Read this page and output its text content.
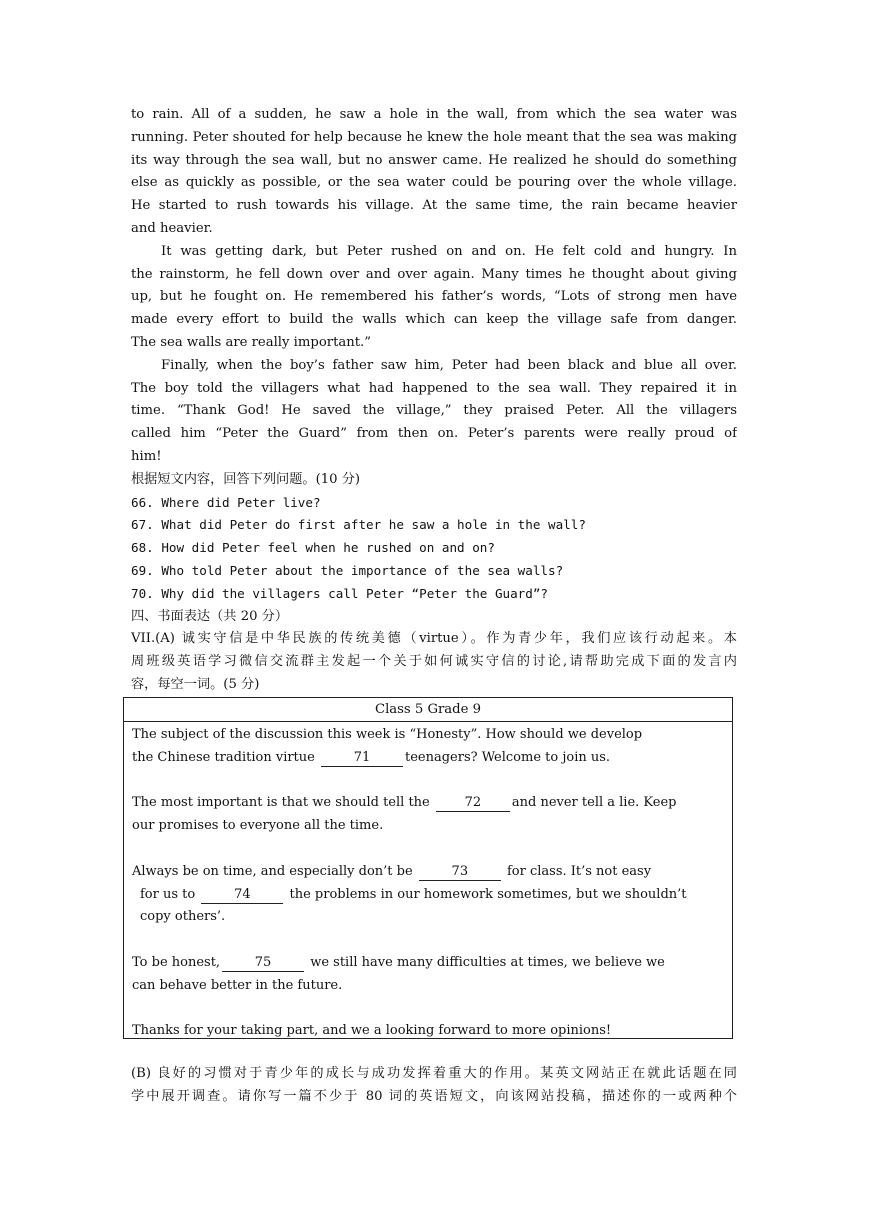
to rain. All of a sudden, he saw a hole in the wall, from which the sea water was
running. Peter shouted for help because he knew the hole meant that the sea was making
its way through the sea wall, but no answer came. He realized he should do something
else as quickly as possible, or the sea water could be pouring over the whole village.
He started to rush towards his village. At the same time, the rain became heavier
and heavier.
It was getting dark, but Peter rushed on and on. He felt cold and hungry. In
the rainstorm, he fell down over and over again. Many times he thought about giving
up, but he fought on. He remembered his father’s words, “Lots of strong men have
made every effort to build the walls which can keep the village safe from danger.
The sea walls are really important.”
Finally, when the boy’s father saw him, Peter had been black and blue all over.
The boy told the villagers what had happened to the sea wall. They repaired it in
time. “Thank God! He saved the village,” they praised Peter. All the villagers
called him “Peter the Guard” from then on. Peter’s parents were really proud of
him!
根据短文内容，回答下列问题。(10 分)
66. Where did Peter live?
67. What did Peter do first after he saw a hole in the wall?
68. How did Peter feel when he rushed on and on?
69. Who told Peter about the importance of the sea walls?
70. Why did the villagers call Peter “Peter the Guard”?
四、书面表达（共 20 分）
VII.(A) 诚实守信是中华民族的传统美德（virtue）。作为青少年，我们应该行动起来。本
周班级英语学习微信交流群主发起一个关于如何诚实守信的讨论,请帮助完成下面的发言内
容，每空一词。(5 分)
Class 5 Grade 9
The subject of the discussion this week is “Honesty”. How should we develop
the Chinese tradition virtue	71	teenagers? Welcome to join us.
The most important is that we should tell the	72 and never tell a lie. Keep
our promises to everyone all the time.
Always be on time, and especially don’t be	73	for class. It’s not easy
for us to	74	the problems in our homework sometimes, but we shouldn’t
copy others’.
To be honest,	75	we still have many difficulties at times, we believe we
can behave better in the future.
Thanks for your taking part, and we a looking forward to more opinions!
(B) 良好的习惯对于青少年的成长与成功发挥着重大的作用。某英文网站正在就此话题在同
学中展开调查。请你写一篇不少于 80 词的英语短文，向该网站投稿，描述你的一或两种个
